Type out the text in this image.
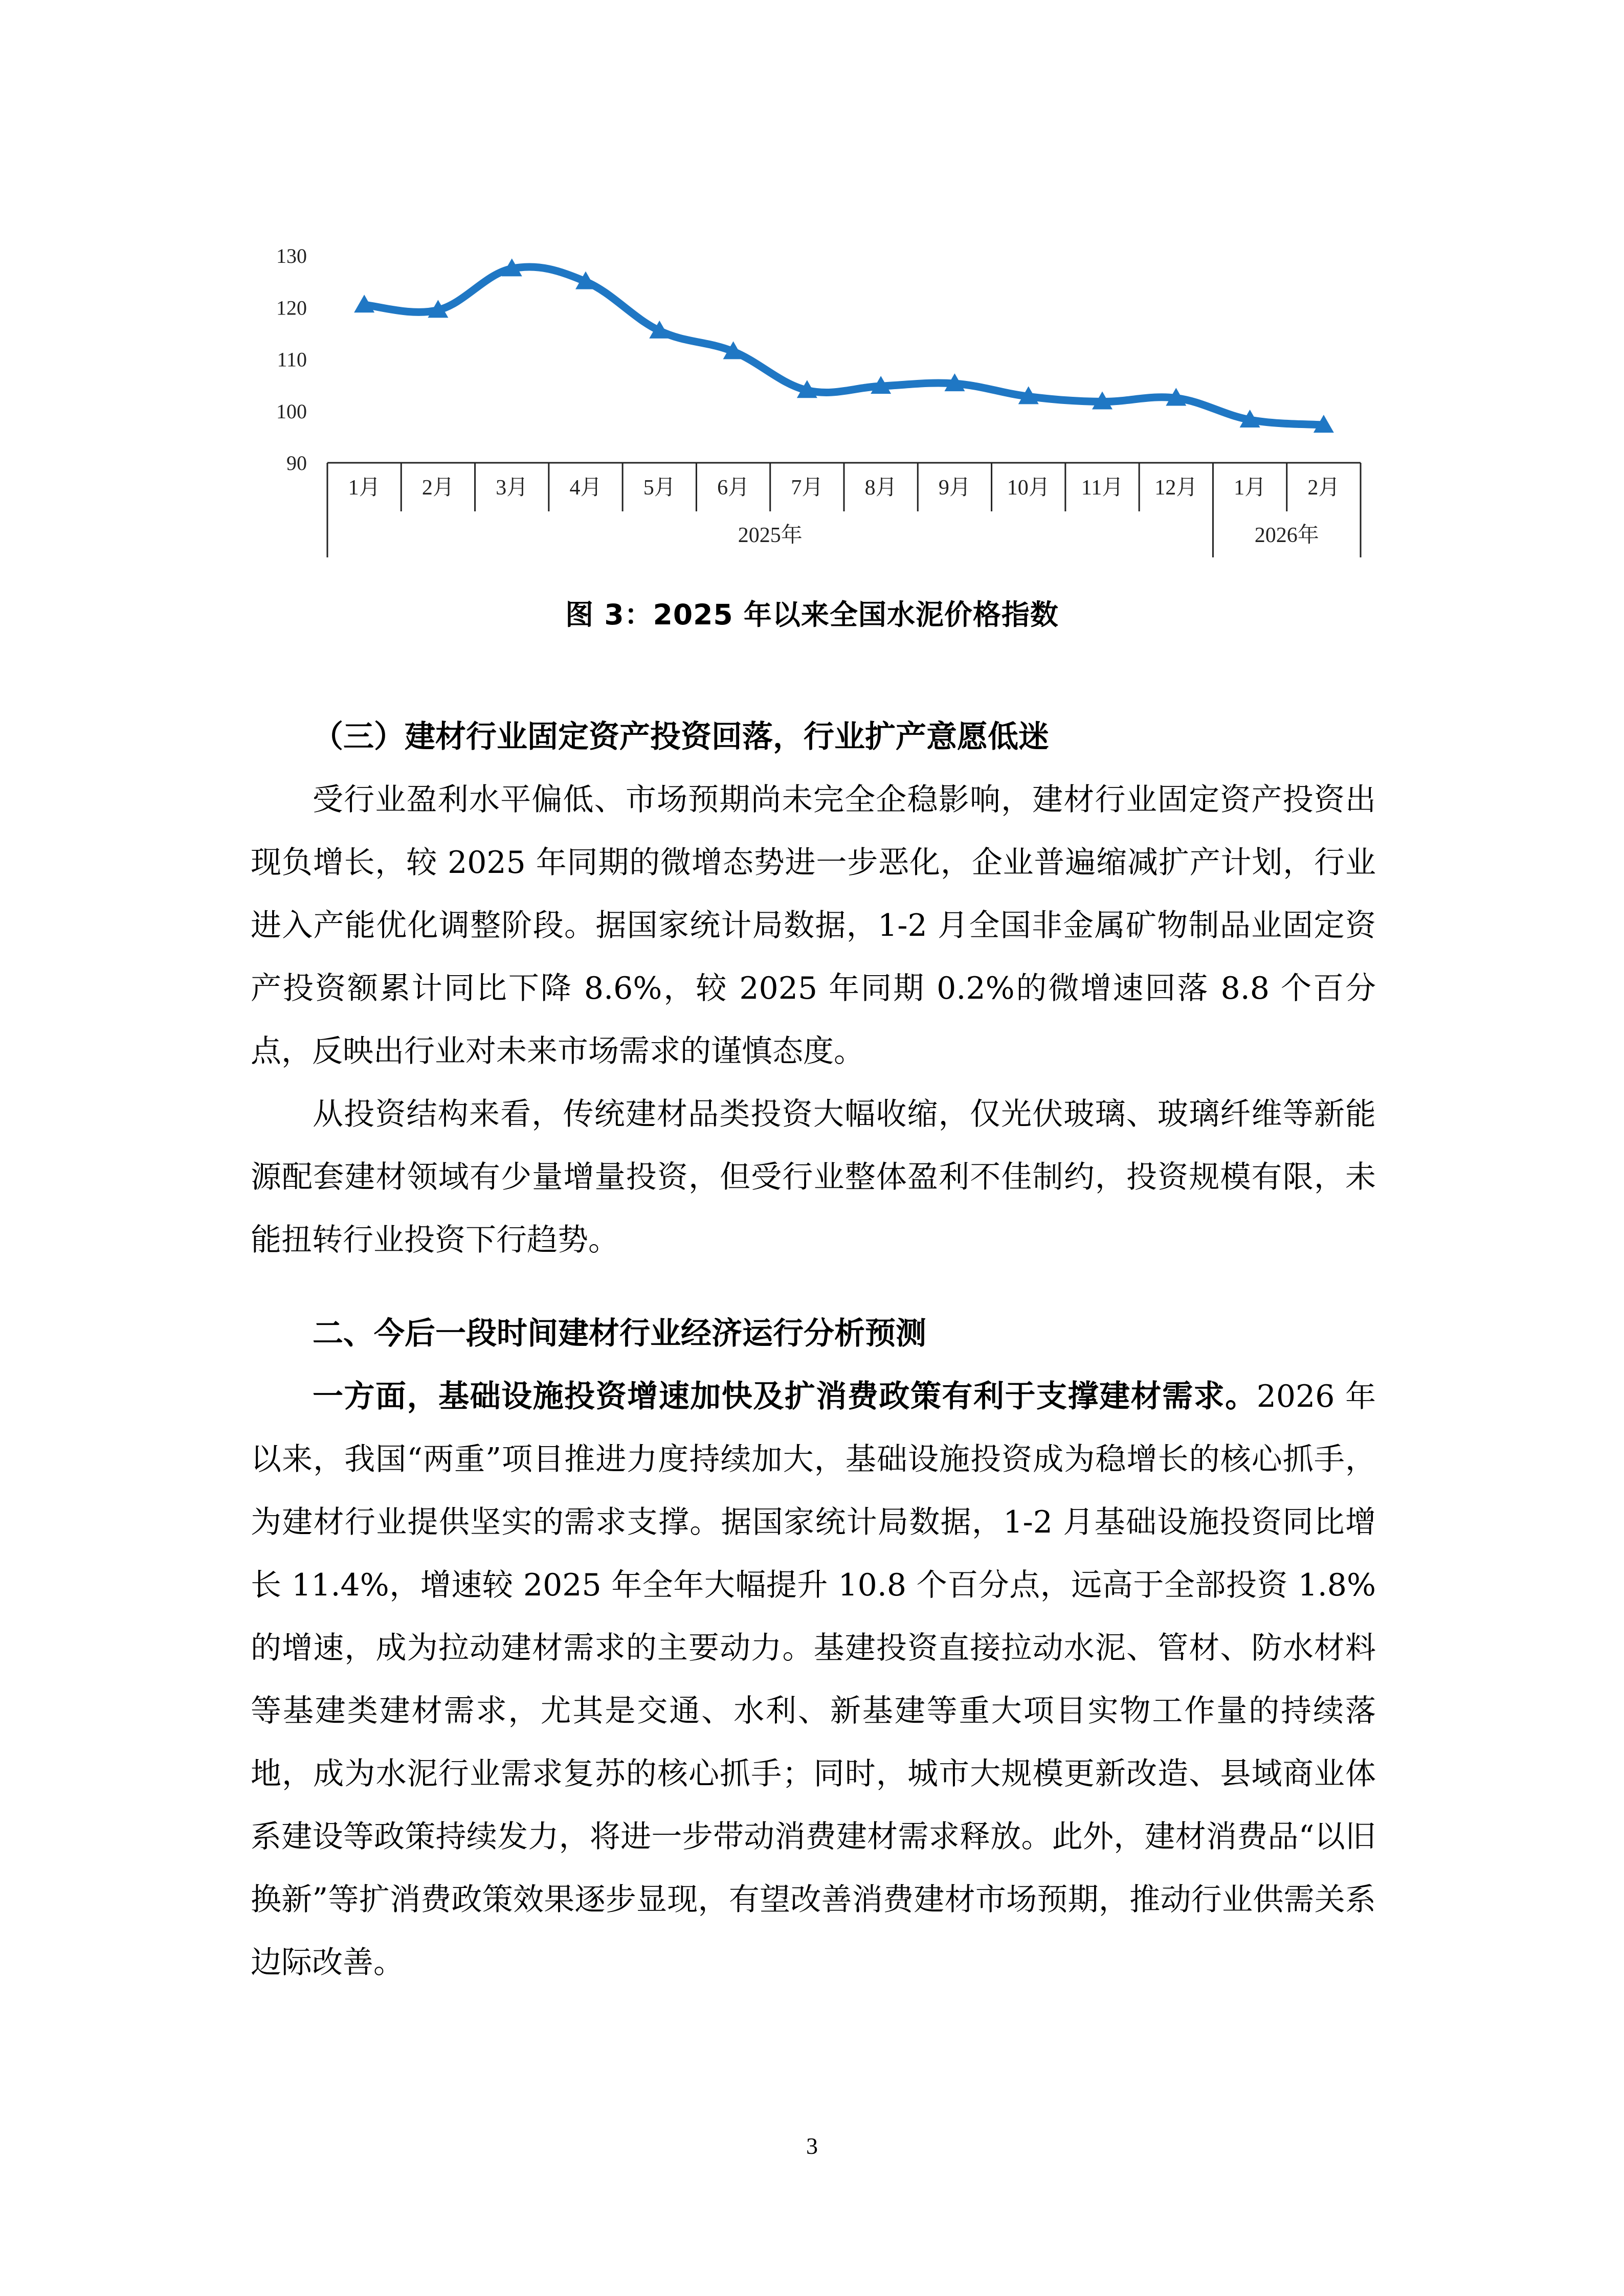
90
100
110
120
130
1月 2月 3月 4月 5月 6月 7月 8月 9月 10月 11月 12月 1月 2月
2025年	2026年
图 3：2025 年以来全国水泥价格指数

（三）建材行业固定资产投资回落，行业扩产意愿低迷

受行业盈利水平偏低、市场预期尚未完全企稳影响，建材行业固定资产投资出现负增长，较 2025 年同期的微增态势进一步恶化，企业普遍缩减扩产计划，行业进入产能优化调整阶段。据国家统计局数据，1-2 月全国非金属矿物制品业固定资产投资额累计同比下降 8.6%，较 2025 年同期 0.2%的微增速回落 8.8 个百分点，反映出行业对未来市场需求的谨慎态度。

从投资结构来看，传统建材品类投资大幅收缩，仅光伏玻璃、玻璃纤维等新能源配套建材领域有少量增量投资，但受行业整体盈利不佳制约，投资规模有限，未能扭转行业投资下行趋势。

二、今后一段时间建材行业经济运行分析预测

一方面，基础设施投资增速加快及扩消费政策有利于支撑建材需求。2026 年以来，我国“两重”项目推进力度持续加大，基础设施投资成为稳增长的核心抓手，为建材行业提供坚实的需求支撑。据国家统计局数据，1-2 月基础设施投资同比增长 11.4%，增速较 2025 年全年大幅提升 10.8 个百分点，远高于全部投资 1.8%的增速，成为拉动建材需求的主要动力。基建投资直接拉动水泥、管材、防水材料等基建类建材需求，尤其是交通、水利、新基建等重大项目实物工作量的持续落地，成为水泥行业需求复苏的核心抓手；同时，城市大规模更新改造、县域商业体系建设等政策持续发力，将进一步带动消费建材需求释放。此外，建材消费品“以旧换新”等扩消费政策效果逐步显现，有望改善消费建材市场预期，推动行业供需关系边际改善。

3
